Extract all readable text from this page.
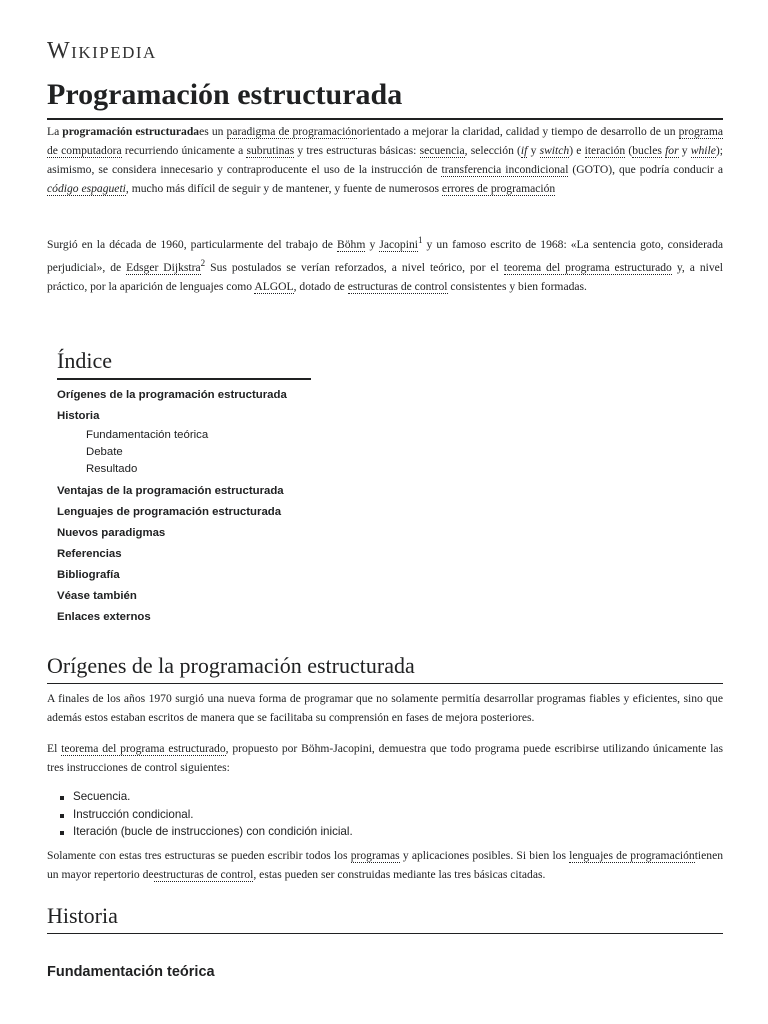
Wikipedia
Programación estructurada

La programación estructuradaes un paradigma de programaciónorientado a mejorar la claridad, calidad y tiempo de desarrollo de un programa de computadora recurriendo únicamente a subrutinas y tres estructuras básicas: secuencia, selección (if y switch) e iteración (bucles for y while); asimismo, se considera innecesario y contraproducente el uso de la instrucción de transferencia incondicional (GOTO), que podría conducir a código espagueti, mucho más difícil de seguir y de mantener, y fuente de numerosos errores de programación

Surgió en la década de 1960, particularmente del trabajo de Böhm y Jacopini$^1$ y un famoso escrito de 1968: «La sentencia goto, considerada perjudicial», de Edsger Dijkstra$^2$ Sus postulados se verían reforzados, a nivel teórico, por el teorema del programa estructurado y, a nivel práctico, por la aparición de lenguajes como ALGOL, dotado de estructuras de control consistentes y bien formadas.

Índice
Orígenes de la programación estructurada
Historia
Fundamentación teórica
Debate
Resultado
Ventajas de la programación estructurada
Lenguajes de programación estructurada
Nuevos paradigmas
Referencias
Bibliografía
Véase también
Enlaces externos
Orígenes de la programación estructurada

A finales de los años 1970 surgió una nueva forma de programar que no solamente permitía desarrollar programas fiables y eficientes, sino que además estos estaban escritos de manera que se facilitaba su comprensión en fases de mejora posteriores.

El teorema del programa estructurado, propuesto por Böhm-Jacopini, demuestra que todo programa puede escribirse utilizando únicamente las tres instrucciones de control siguientes:

Secuencia.
Instrucción condicional.
Iteración (bucle de instrucciones) con condición inicial.

Solamente con estas tres estructuras se pueden escribir todos los programas y aplicaciones posibles. Si bien los lenguajes de programacióntienen un mayor repertorio deestructuras de control, estas pueden ser construidas mediante las tres básicas citadas.

Historia
Fundamentación teórica
